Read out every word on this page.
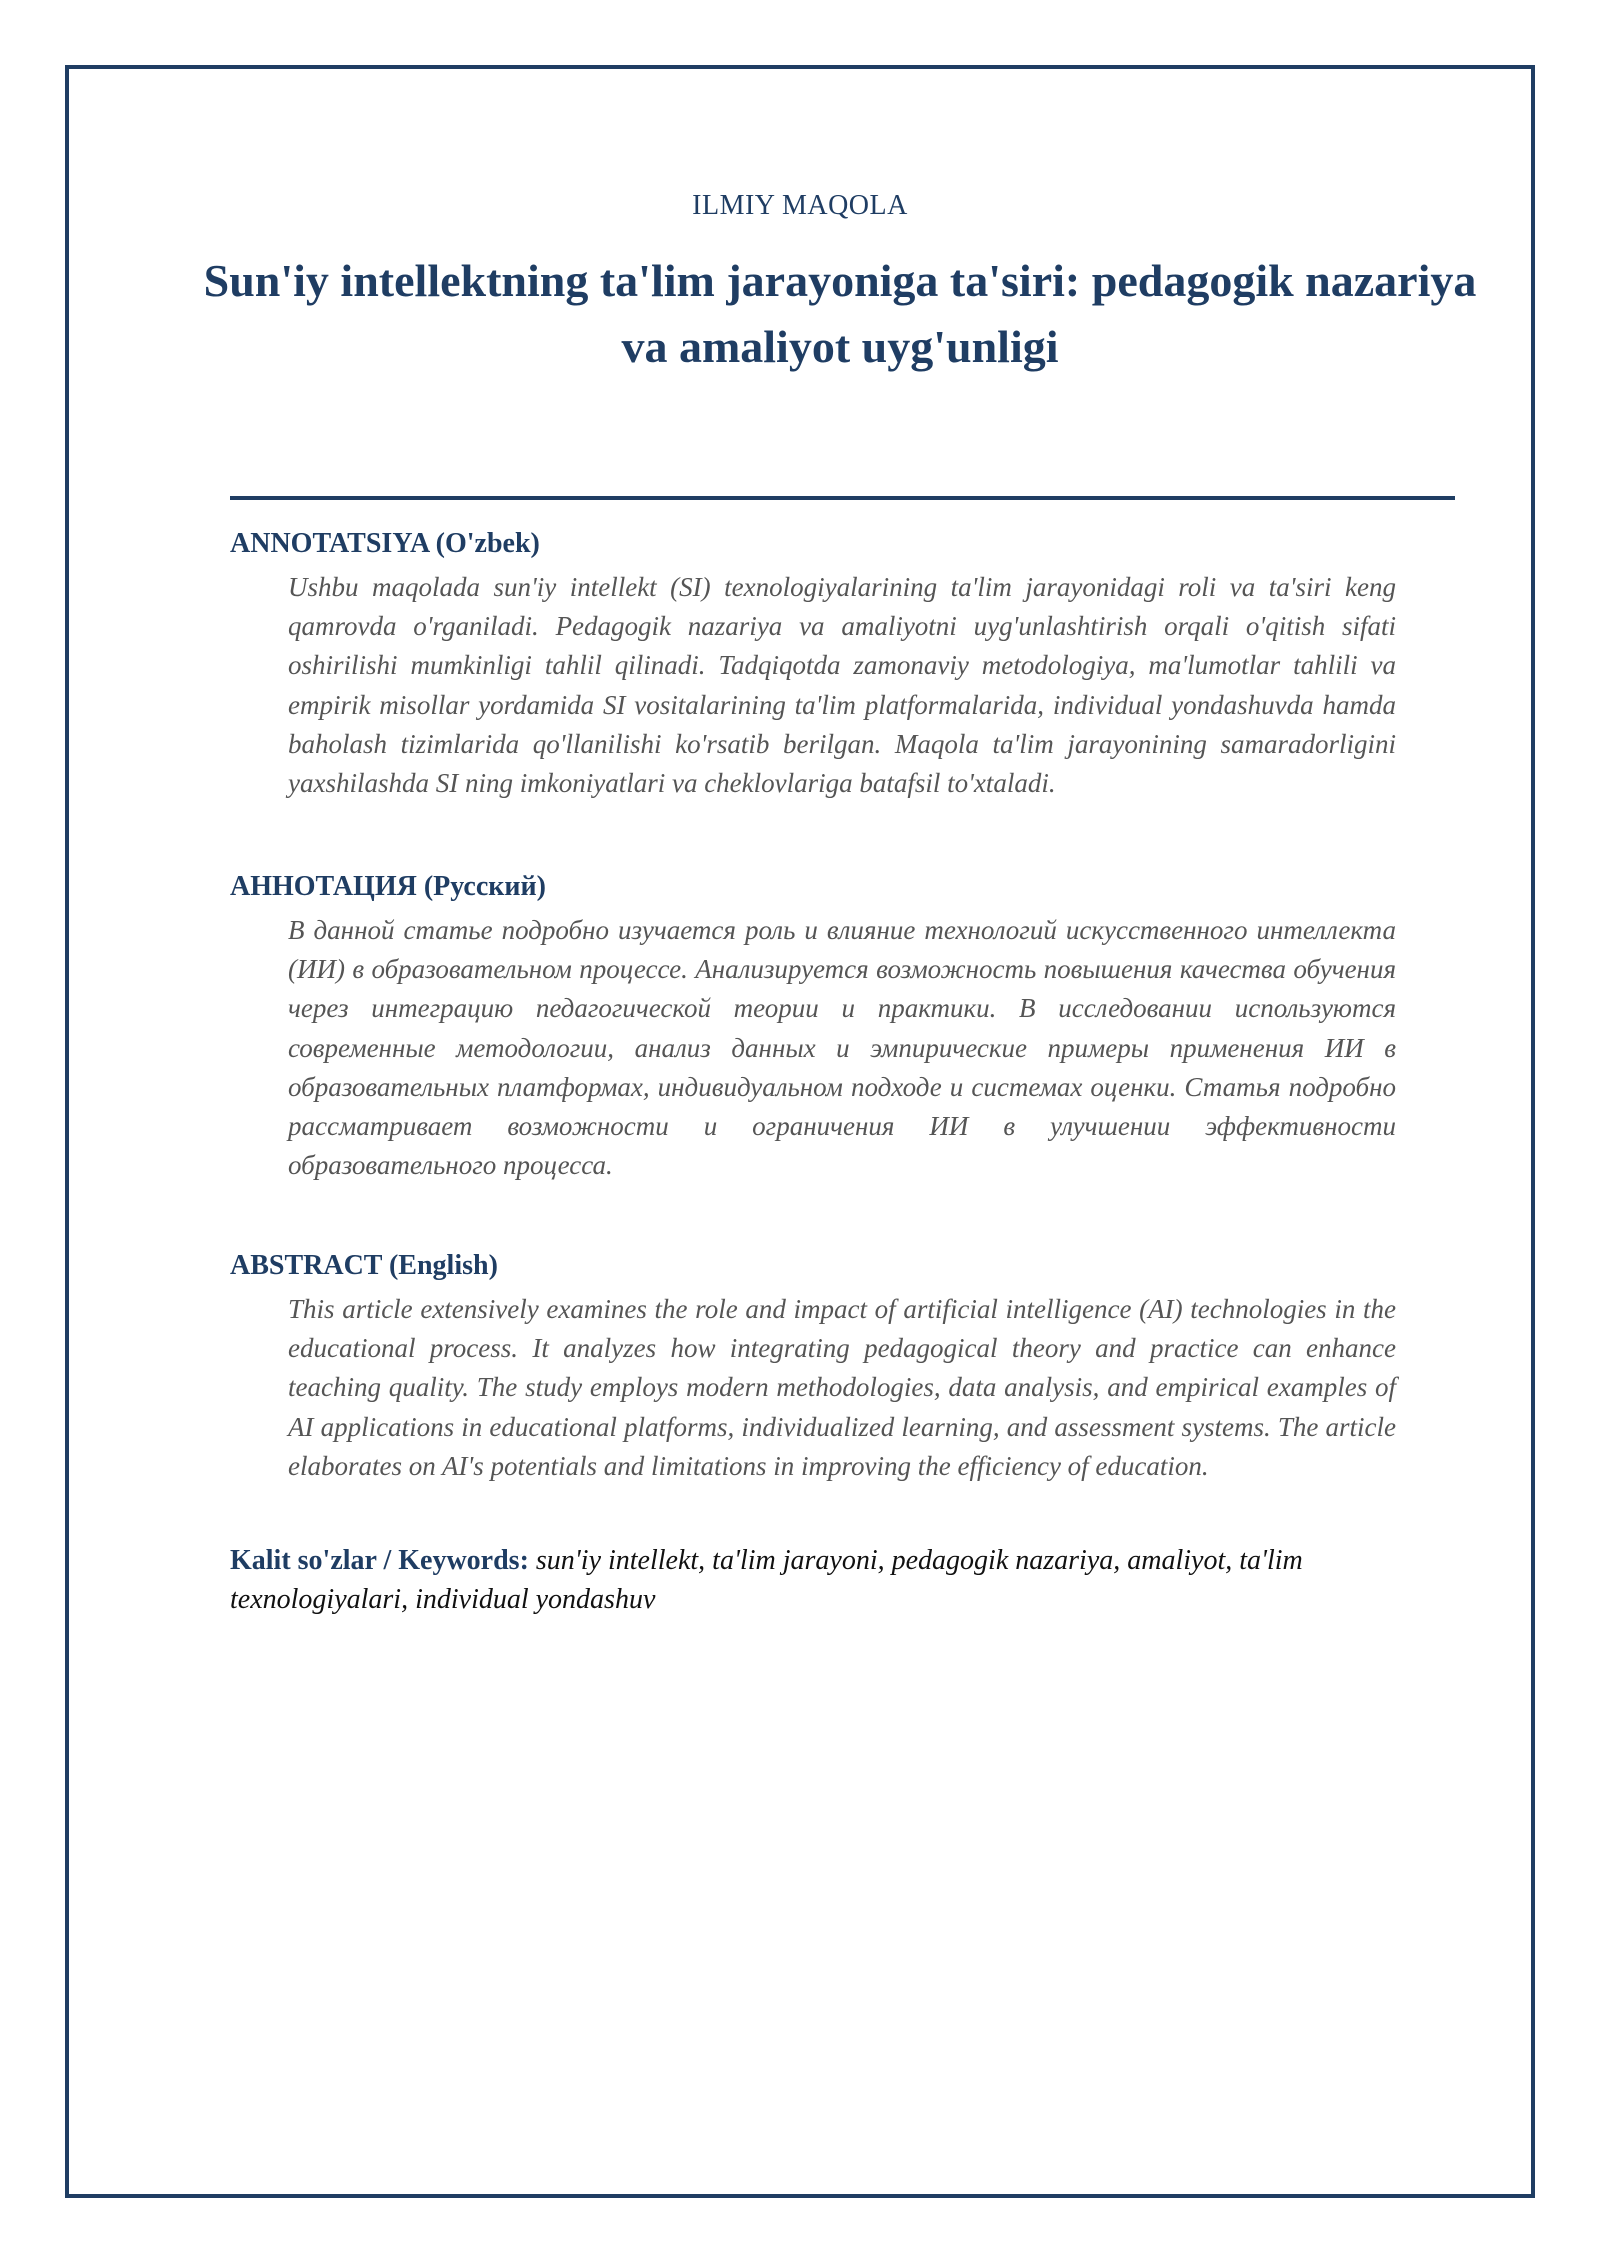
ILMIY MAQOLA
Sun'iy intellektning ta'lim jarayoniga ta'siri: pedagogik nazariya va amaliyot uyg'unligi
ANNOTATSIYA (O'zbek)

Ushbu maqolada sun'iy intellekt (SI) texnologiyalarining ta'lim jarayonidagi roli va ta'siri keng qamrovda o'rganiladi. Pedagogik nazariya va amaliyotni uyg'unlashtirish orqali o'qitish sifati oshirilishi mumkinligi tahlil qilinadi. Tadqiqotda zamonaviy metodologiya, ma'lumotlar tahlili va empirik misollar yordamida SI vositalarining ta'lim platformalarida, individual yondashuvda hamda baholash tizimlarida qo'llanilishi ko'rsatib berilgan. Maqola ta'lim jarayonining samaradorligini yaxshilashda SI ning imkoniyatlari va cheklovlariga batafsil to'xtaladi.

АННОТАЦИЯ (Русский)

В данной статье подробно изучается роль и влияние технологий искусственного интеллекта (ИИ) в образовательном процессе. Анализируется возможность повышения качества обучения через интеграцию педагогической теории и практики. В исследовании используются современные методологии, анализ данных и эмпирические примеры применения ИИ в образовательных платформах, индивидуальном подходе и системах оценки. Статья подробно рассматривает возможности и ограничения ИИ в улучшении эффективности образовательного процесса.

ABSTRACT (English)

This article extensively examines the role and impact of artificial intelligence (AI) technologies in the educational process. It analyzes how integrating pedagogical theory and practice can enhance teaching quality. The study employs modern methodologies, data analysis, and empirical examples of AI applications in educational platforms, individualized learning, and assessment systems. The article elaborates on AI's potentials and limitations in improving the efficiency of education.

Kalit so'zlar / Keywords: sun'iy intellekt, ta'lim jarayoni, pedagogik nazariya, amaliyot, ta'lim texnologiyalari, individual yondashuv
